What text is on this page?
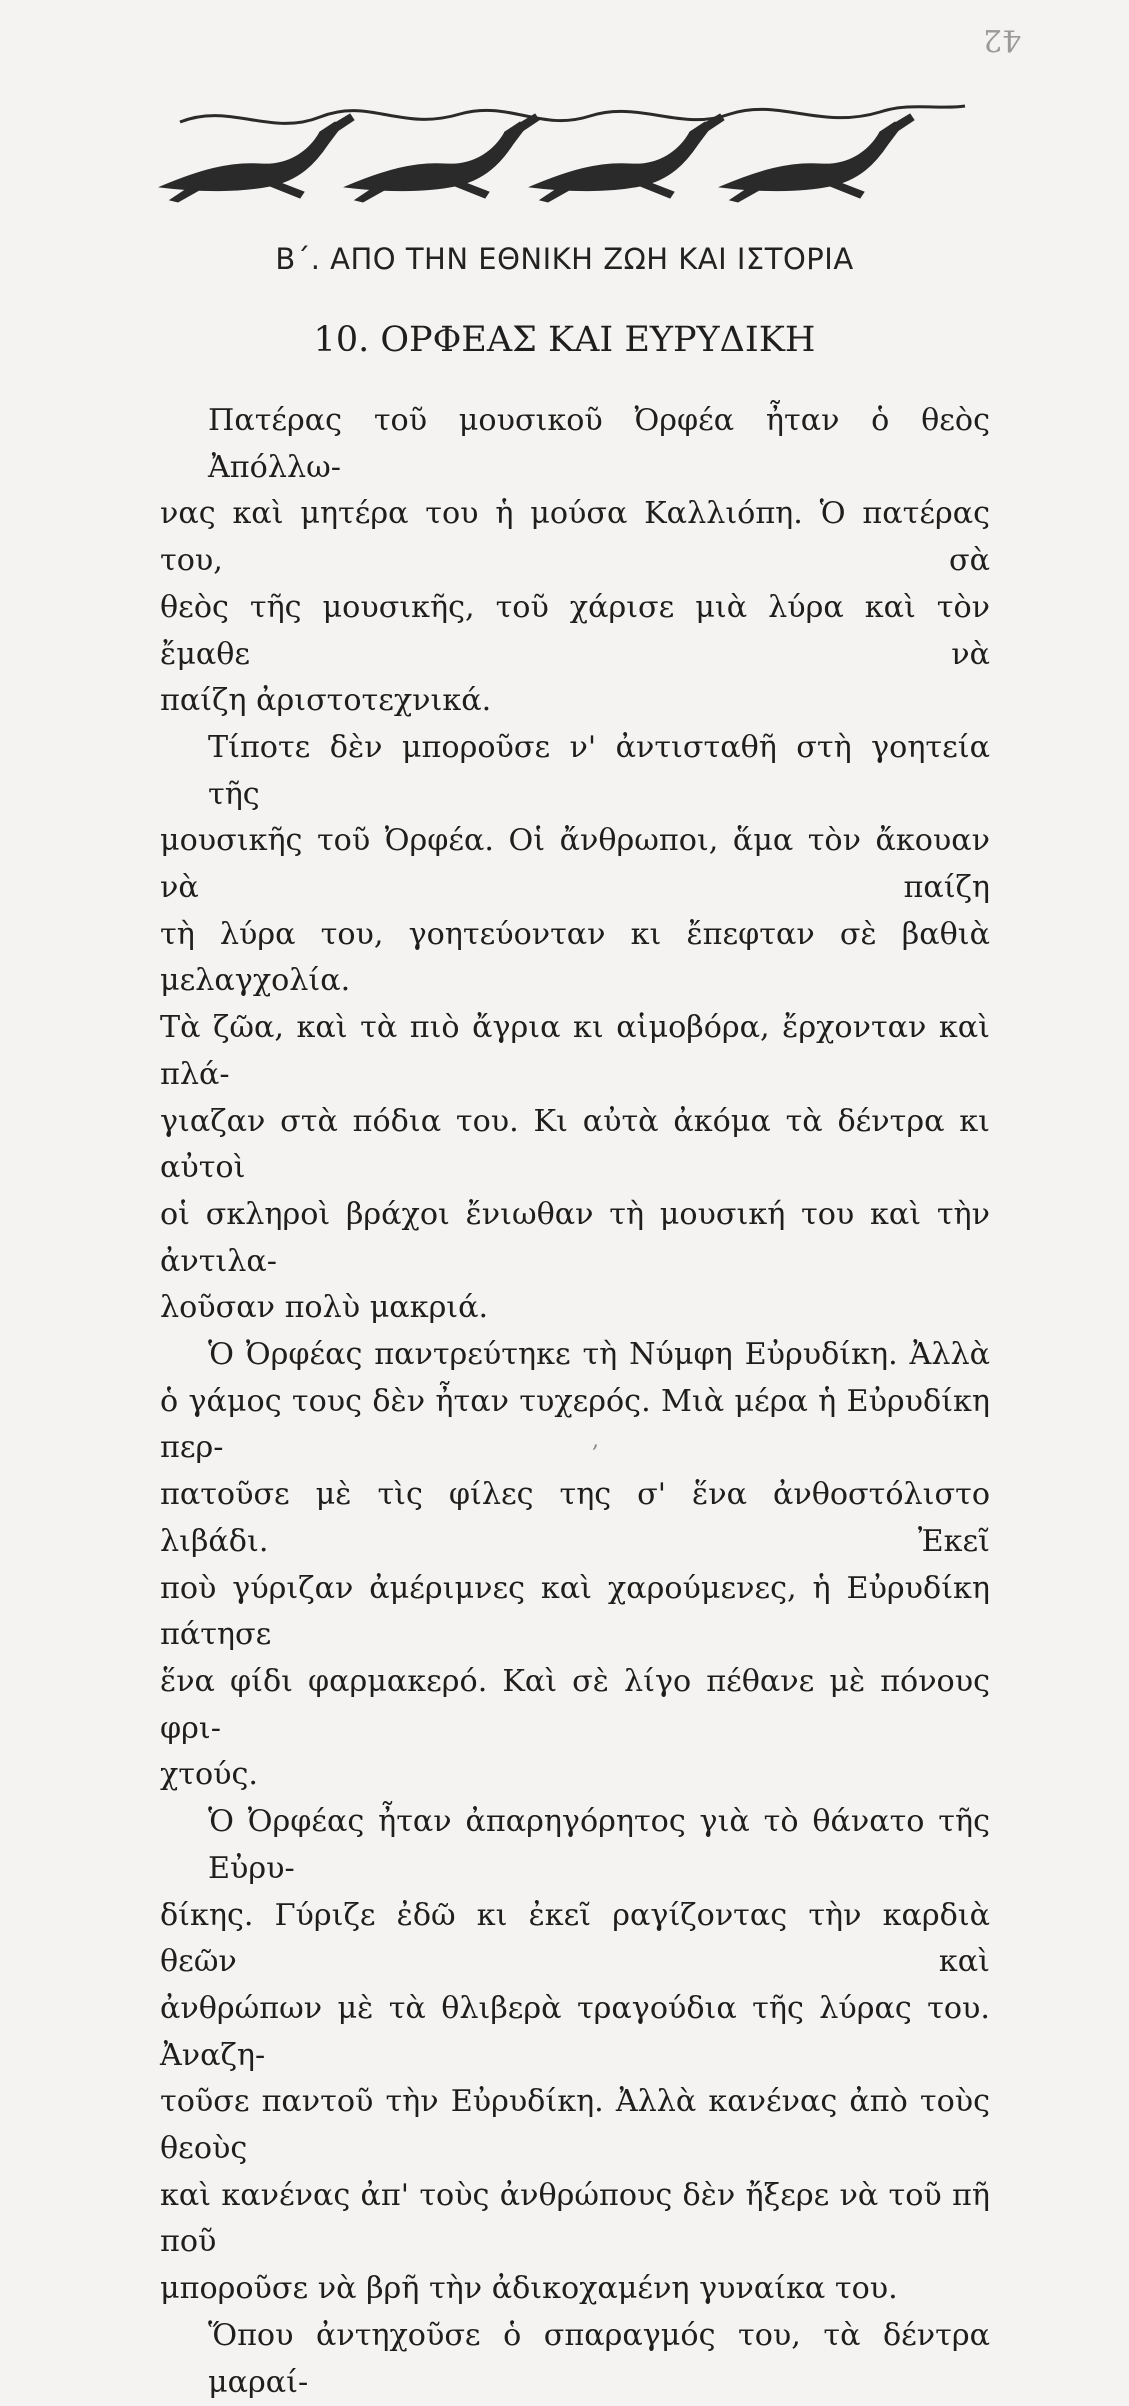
42
Β΄. ΑΠΟ ΤΗΝ ΕΘΝΙΚΗ ΖΩΗ ΚΑΙ ΙΣΤΟΡΙΑ
10. ΟΡΦΕΑΣ ΚΑΙ ΕΥΡΥΔΙΚΗ

Πατέρας τοῦ μουσικοῦ Ὀρφέα ἦταν ὁ θεὸς Ἀπόλλω-
νας καὶ μητέρα του ἡ μούσα Καλλιόπη. Ὁ πατέρας του, σὰ
θεὸς τῆς μουσικῆς, τοῦ χάρισε μιὰ λύρα καὶ τὸν ἔμαθε νὰ
παίζη ἀριστοτεχνικά.

Τίποτε δὲν μποροῦσε ν' ἀντισταθῆ στὴ γοητεία τῆς
μουσικῆς τοῦ Ὀρφέα. Οἱ ἄνθρωποι, ἅμα τὸν ἄκουαν νὰ παίζη
τὴ λύρα του, γοητεύονταν κι ἔπεφταν σὲ βαθιὰ μελαγχολία.
Τὰ ζῶα, καὶ τὰ πιὸ ἄγρια κι αἱμοβόρα, ἔρχονταν καὶ πλά-
γιαζαν στὰ πόδια του. Κι αὐτὰ ἀκόμα τὰ δέντρα κι αὐτοὶ
οἱ σκληροὶ βράχοι ἔνιωθαν τὴ μουσική του καὶ τὴν ἀντιλα-
λοῦσαν πολὺ μακριά.

Ὁ Ὀρφέας παντρεύτηκε τὴ Νύμφη Εὐρυδίκη. Ἀλλὰ
ὁ γάμος τους δὲν ἦταν τυχερός. Μιὰ μέρα ἡ Εὐρυδίκη περ-
πατοῦσε μὲ τὶς φίλες της σ' ἕνα ἀνθοστόλιστο λιβάδι. Ἐκεῖ
ποὺ γύριζαν ἀμέριμνες καὶ χαρούμενες, ἡ Εὐρυδίκη πάτησε
ἕνα φίδι φαρμακερό. Καὶ σὲ λίγο πέθανε μὲ πόνους φρι-
χτούς.

Ὁ Ὀρφέας ἦταν ἀπαρηγόρητος γιὰ τὸ θάνατο τῆς Εὐρυ-
δίκης. Γύριζε ἐδῶ κι ἐκεῖ ραγίζοντας τὴν καρδιὰ θεῶν καὶ
ἀνθρώπων μὲ τὰ θλιβερὰ τραγούδια τῆς λύρας του. Ἀναζη-
τοῦσε παντοῦ τὴν Εὐρυδίκη. Ἀλλὰ κανένας ἀπὸ τοὺς θεοὺς
καὶ κανένας ἀπ' τοὺς ἀνθρώπους δὲν ἤξερε νὰ τοῦ πῆ ποῦ
μποροῦσε νὰ βρῆ τὴν ἀδικοχαμένη γυναίκα του.

Ὅπου ἀντηχοῦσε ὁ σπαραγμός του, τὰ δέντρα μαραί-

,
